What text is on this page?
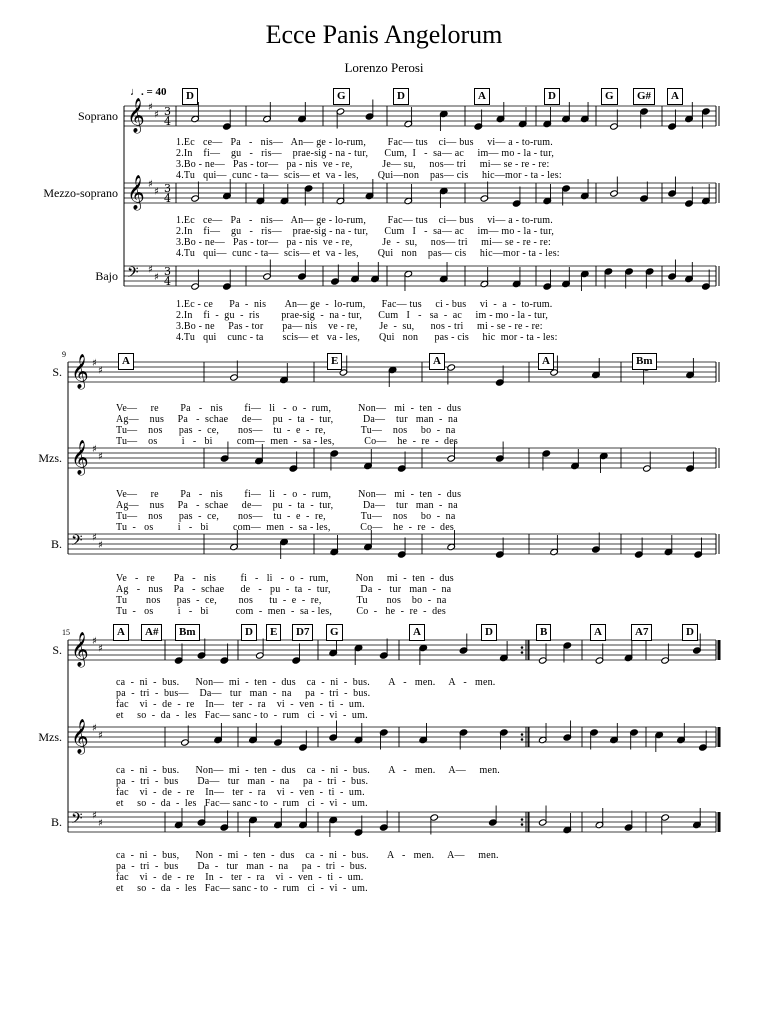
Ecce Panis Angelorum
Lorenzo Perosi
♩. = 40
𝄞 ♯
♯ 3
4
𝄞 ♯
♯ 3
4
𝄢 ♯
♯ 3
4
𝄞 ♯
♯
𝄞 ♯
♯
𝄢 ♯
♯
𝄞 ♯
♯
𝄞 ♯
♯
𝄢 ♯
♯
Soprano
Mezzo-soprano
Bajo
D	G	D	A	D	G	G#	A
1.Ec   ce—   Pa   -   nis—   An— ge - lo-rum,        Fac— tus    ci— bus     vi— a - to-rum.
2.In    fi—    gu   -   ris—    prae-sig - na - tur,      Cum,  I   -  sa— ac     im— mo - la - tur,
3.Bo - ne—   Pas - tor—   pa - nis  ve - re,           Je— su,     nos— tri     mi— se - re - re:
4.Tu   qui—  cunc - ta—  scis— et  va - les,       Qui—non    pas— cis     hic—mor - ta - les:
1.Ec   ce—   Pa   -   nis—   An— ge - lo-rum,        Fac— tus    ci— bus     vi— a - to-rum.
2.In    fi—    gu   -   ris—    prae-sig - na - tur,      Cum   I   -  sa— ac     im— mo - la - tur,
3.Bo - ne—   Pas - tor—   pa - nis  ve - re,           Je  -  su,     nos— tri     mi— se - re - re:
4.Tu   qui—  cunc - ta—  scis— et  va - les,       Qui   non    pas— cis     hic—mor - ta - les:
1.Ec - ce      Pa  -  nis       An— ge  -  lo-rum,      Fac— tus     ci - bus     vi  -  a  -  to-rum.
2.In    fi  -  gu  -  ris        prae-sig  -  na - tur,      Cum   I   -   sa  -  ac     im - mo - la - tur,
3.Bo - ne     Pas - tor       pa— nis    ve - re,        Je  -  su,      nos - tri     mi - se - re - re:
4.Tu   qui    cunc - ta       scis— et   va - les,       Qui   non      pas - cis     hic  mor - ta - les:
S.
Mzs.
B.
A	E	A	A	Bm
9
Ve—     re        Pa   -   nis        fi—   li   -  o  -  rum,          Non—   mi  -  ten  -  dus
Ag—    nus     Pa   -  schae     de—    pu  -  ta  -  tur,           Da—    tur   man  -  na
Tu—    nos      pas  -  ce,       nos—    tu  -  e  -  re,             Tu—    nos     bo  -  na
Tu—    os         i   -   bi         com—  men  -  sa - les,           Co—    he  -  re  -  des
Ve—     re        Pa   -   nis        fi—   li   -  o  -  rum,          Non—   mi  -  ten  -  dus
Ag—    nus     Pa   -  schae     de—    pu  -  ta  -  tur,           Da—    tur   man  -  na
Tu—    nos      pas  -  ce,       nos—    tu  -  e  -  re,             Tu—    nos     bo  -  na
Tu  -   os         i   -   bi         com—  men  -  sa - les,           Co—    he  -  re  -  des
Ve   -   re       Pa   -   nis         fi   -   li   -  o  -  rum,          Non     mi  -  ten  -  dus
Ag   -   nus    Pa   -  schae      de   -   pu  -  ta  -  tur,           Da  -   tur   man  -  na
Tu       nos      pas  -  ce,        nos      tu  -  e  -  re,             Tu       nos    bo  -  na
Tu  -   os         i   -   bi          com  -  men  -  sa - les,         Co  -   he  -  re  -  des
S.
Mzs.
B.
A	A#	Bm	D	E	D7	G	A	D	B	A	A7	D
15
ca  -  ni  -  bus.      Non—  mi  -  ten  -  dus    ca  -  ni  -  bus.       A   -   men.     A   -   men.
pa  -  tri  -  bus—    Da—   tur   man  -  na     pa  -  tri  -  bus.
fac    vi  -  de  -  re    In—   ter  -  ra    vi  -  ven  -  ti  -  um.
et     so  -  da  -  les   Fac— sanc - to  -  rum   ci  -  vi  -  um.
ca  -  ni  -  bus.      Non—  mi  -  ten  -  dus    ca  -  ni  -  bus.       A   -   men.     A—     men.
pa  -  tri  -  bus       Da—   tur   man  -  na     pa  -  tri  -  bus.
fac    vi  -  de  -  re    In—   ter  -  ra    vi  -  ven  -  ti  -  um.
et     so  -  da  -  les   Fac— sanc - to  -  rum   ci  -  vi  -  um.
ca  -  ni  -  bus,      Non  -  mi  -  ten  -  dus    ca  -  ni  -  bus.       A   -   men.     A—     men.
pa  -  tri  -  bus       Da  -   tur   man  -  na     pa  -  tri  -  bus.
fac    vi  -  de  -  re    In  -   ter  -  ra    vi  -  ven  -  ti  -  um.
et     so  -  da  -  les   Fac— sanc - to  -  rum   ci  -  vi  -  um.
